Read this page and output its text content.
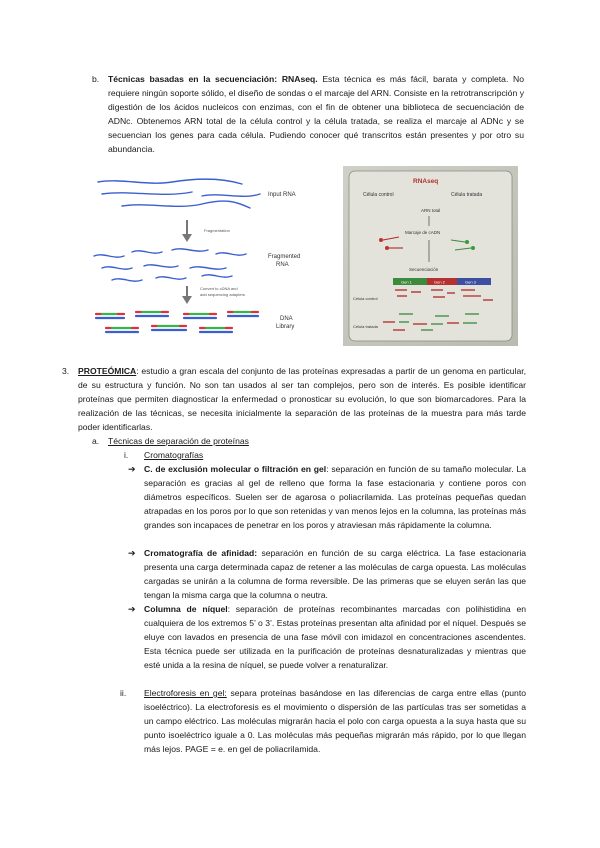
b. Técnicas basadas en la secuenciación: RNAseq. Esta técnica es más fácil, barata y completa. No requiere ningún soporte sólido, el diseño de sondas o el marcaje del ARN. Consiste en la retrotranscripción y digestión de los ácidos nucleicos con enzimas, con el fin de obtener una biblioteca de secuenciación de ADNc. Obtenemos ARN total de la célula control y la célula tratada, se realiza el marcaje al ADNc y se secuencian los genes para cada célula. Pudiendo conocer qué transcritos están presentes y por otro su abundancia.
Input RNA
Fragmentation
Fragmented
RNA
Convert to cDNA and
add sequencing adapters
DNA
Library
RNAseq
Célula control	Célula tratada
ARN total
Marcaje de cADN
Secuenciación
Gen 1	Gen 2	Gen 3
Célula control
Célula tratada
3. PROTEÓMICA: estudio a gran escala del conjunto de las proteínas expresadas a partir de un genoma en particular, de su estructura y función. No son tan usados al ser tan complejos, pero son de interés. Es posible identificar proteínas que permiten diagnosticar la enfermedad o pronosticar su evolución, lo que son biomarcadores. Para la realización de las técnicas, se necesita inicialmente la separación de las proteínas de la muestra para más tarde poder identificarlas.
a. Técnicas de separación de proteínas
i. Cromatografías
➔ C. de exclusión molecular o filtración en gel: separación en función de su tamaño molecular. La separación es gracias al gel de relleno que forma la fase estacionaria y contiene poros con diámetros específicos. Suelen ser de agarosa o poliacrilamida. Las proteínas pequeñas quedan atrapadas en los poros por lo que son retenidas y van menos lejos en la columna, las proteínas más grandes son incapaces de penetrar en los poros y atraviesan más rápidamente la columna.
➔ Cromatografía de afinidad: separación en función de su carga eléctrica. La fase estacionaria presenta una carga determinada capaz de retener a las moléculas de carga opuesta. Las moléculas cargadas se unirán a la columna de forma reversible. De las primeras que se eluyen serán las que tengan la misma carga que la columna o neutra.
➔ Columna de níquel: separación de proteínas recombinantes marcadas con polihistidina en cualquiera de los extremos 5’ o 3’. Estas proteínas presentan alta afinidad por el níquel. Después se eluye con lavados en presencia de una fase móvil con imidazol en concentraciones ascendentes. Esta técnica puede ser utilizada en la purificación de proteínas desnaturalizadas y mientras que esté unida a la resina de níquel, se puede volver a renaturalizar.
ii. Electroforesis en gel: separa proteínas basándose en las diferencias de carga entre ellas (punto isoeléctrico). La electroforesis es el movimiento o dispersión de las partículas tras ser sometidas a un campo eléctrico. Las moléculas migrarán hacia el polo con carga opuesta a la suya hasta que su punto isoeléctrico iguale a 0. Las moléculas más pequeñas migrarán más rápido, por lo que llegan más lejos. PAGE = e. en gel de poliacrilamida.
